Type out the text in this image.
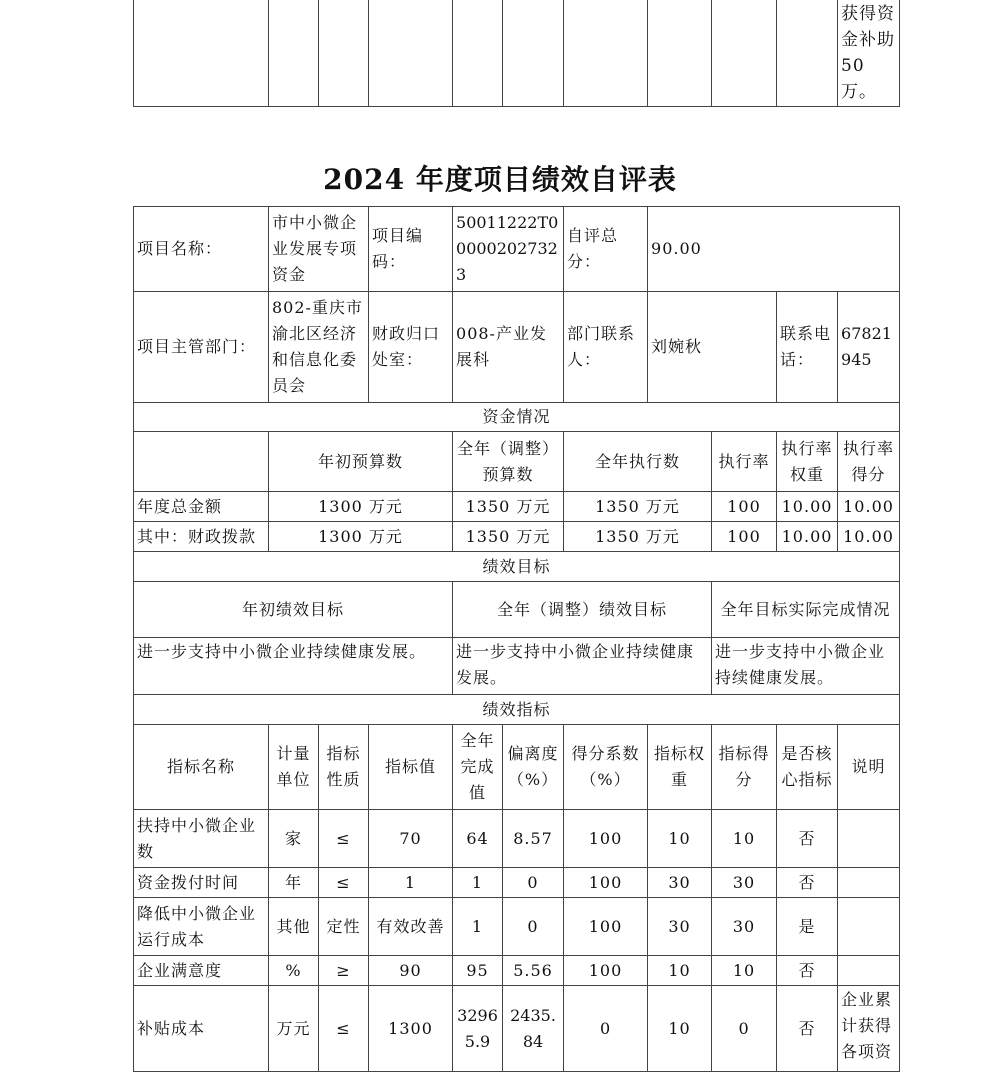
										获得资金补助50万。
2024 年度项目绩效自评表
项目名称：	市中小微企业发展专项资金		项目编码：	50011222T000002027323		自评总分：	90.00			
项目主管部门：	802-重庆市渝北区经济和信息化委员会		财政归口处室：	008-产业发展科		部门联系人：	刘婉秋		联系电话：	67821945
资金情况										
	年初预算数			全年（调整）预算数		全年执行数		执行率	执行率权重	执行率得分
年度总金额	1300 万元			1350 万元		1350 万元		100	10.00	10.00
其中：财政拨款	1300 万元			1350 万元		1350 万元		100	10.00	10.00
绩效目标										
年初绩效目标				全年（调整）绩效目标				全年目标实际完成情况		
进一步支持中小微企业持续健康发展。				进一步支持中小微企业持续健康发展。				进一步支持中小微企业持续健康发展。		
绩效指标										
指标名称	计量单位	指标性质	指标值	全年完成值	偏离度（%）	得分系数（%）	指标权重	指标得分	是否核心指标	说明
扶持中小微企业数	家	≤	70	64	8.57	100	10	10	否	
资金拨付时间	年	≤	1	1	0	100	30	30	否	
降低中小微企业运行成本	其他	定性	有效改善	1	0	100	30	30	是	
企业满意度	%	≥	90	95	5.56	100	10	10	否	
补贴成本	万元	≤	1300	32965.9	2435.84	0	10	0	否	企业累计获得各项资
